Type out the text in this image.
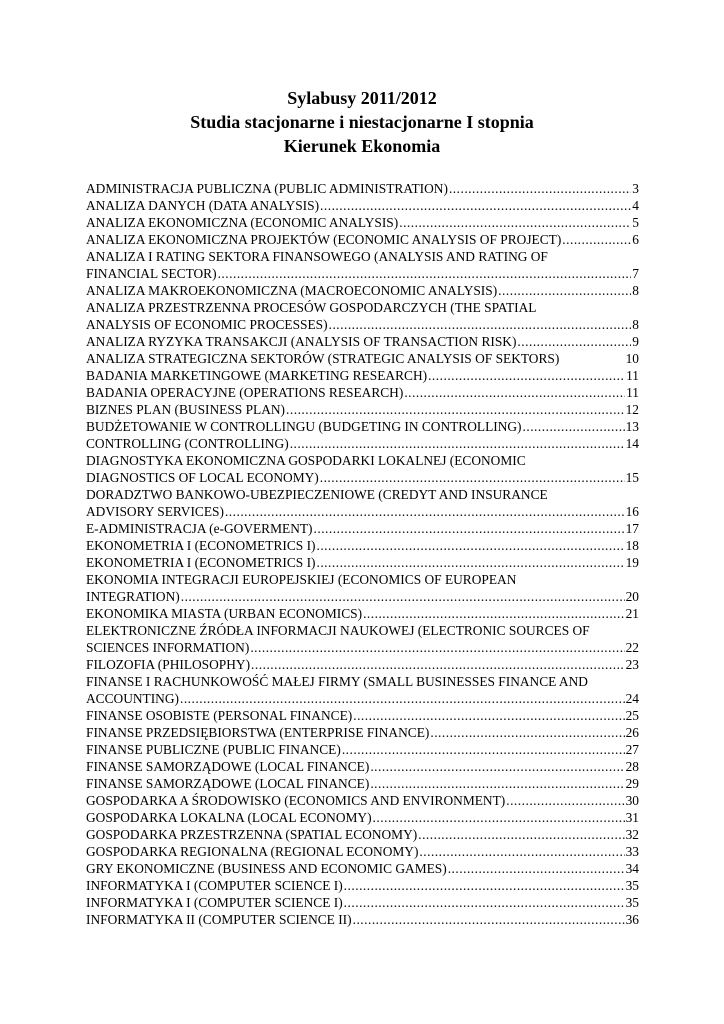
Sylabusy 2011/2012
Studia stacjonarne i niestacjonarne I stopnia
Kierunek Ekonomia
ADMINISTRACJA PUBLICZNA (PUBLIC ADMINISTRATION) .....	3
ANALIZA DANYCH (DATA ANALYSIS) .....	4
ANALIZA EKONOMICZNA (ECONOMIC ANALYSIS) .....	5
ANALIZA EKONOMICZNA PROJEKTÓW (ECONOMIC ANALYSIS OF PROJECT) .....	6
ANALIZA I RATING SEKTORA FINANSOWEGO (ANALYSIS AND RATING OF
FINANCIAL SECTOR) .....	7
ANALIZA MAKROEKONOMICZNA (MACROECONOMIC ANALYSIS) .....	8
ANALIZA PRZESTRZENNA PROCESÓW GOSPODARCZYCH (THE SPATIAL
ANALYSIS OF ECONOMIC PROCESSES) .....	8
ANALIZA RYZYKA TRANSAKCJI (ANALYSIS OF TRANSACTION RISK) .....	9
ANALIZA STRATEGICZNA SEKTORÓW (STRATEGIC ANALYSIS OF SEKTORS)	10
BADANIA MARKETINGOWE (MARKETING RESEARCH) .....	11
BADANIA OPERACYJNE (OPERATIONS RESEARCH) .....	11
BIZNES PLAN (BUSINESS PLAN) .....	12
BUDŻETOWANIE W CONTROLLINGU (BUDGETING IN CONTROLLING) .....	13
CONTROLLING (CONTROLLING) .....	14
DIAGNOSTYKA EKONOMICZNA GOSPODARKI LOKALNEJ (ECONOMIC
DIAGNOSTICS OF LOCAL ECONOMY) .....	15
DORADZTWO BANKOWO-UBEZPIECZENIOWE (CREDYT AND INSURANCE
ADVISORY SERVICES) .....	16
E-ADMINISTRACJA (e-GOVERMENT) .....	17
EKONOMETRIA I (ECONOMETRICS I) .....	18
EKONOMETRIA I (ECONOMETRICS I) .....	19
EKONOMIA INTEGRACJI EUROPEJSKIEJ (ECONOMICS OF EUROPEAN
INTEGRATION) .....	20
EKONOMIKA MIASTA (URBAN ECONOMICS) .....	21
ELEKTRONICZNE ŹRÓDŁA INFORMACJI NAUKOWEJ (ELECTRONIC SOURCES OF
SCIENCES INFORMATION) .....	22
FILOZOFIA (PHILOSOPHY) .....	23
FINANSE I RACHUNKOWOŚĆ MAŁEJ FIRMY (SMALL BUSINESSES FINANCE AND
ACCOUNTING) .....	24
FINANSE OSOBISTE (PERSONAL FINANCE) .....	25
FINANSE PRZEDSIĘBIORSTWA (ENTERPRISE FINANCE) .....	26
FINANSE PUBLICZNE (PUBLIC FINANCE) .....	27
FINANSE SAMORZĄDOWE (LOCAL FINANCE) .....	28
FINANSE SAMORZĄDOWE (LOCAL FINANCE) .....	29
GOSPODARKA A ŚRODOWISKO (ECONOMICS AND ENVIRONMENT) .....	30
GOSPODARKA LOKALNA (LOCAL ECONOMY) .....	31
GOSPODARKA PRZESTRZENNA (SPATIAL ECONOMY) .....	32
GOSPODARKA REGIONALNA (REGIONAL ECONOMY) .....	33
GRY EKONOMICZNE (BUSINESS AND ECONOMIC GAMES) .....	34
INFORMATYKA I (COMPUTER SCIENCE I) .....	35
INFORMATYKA I (COMPUTER SCIENCE I) .....	35
INFORMATYKA II (COMPUTER SCIENCE II) .....	36
